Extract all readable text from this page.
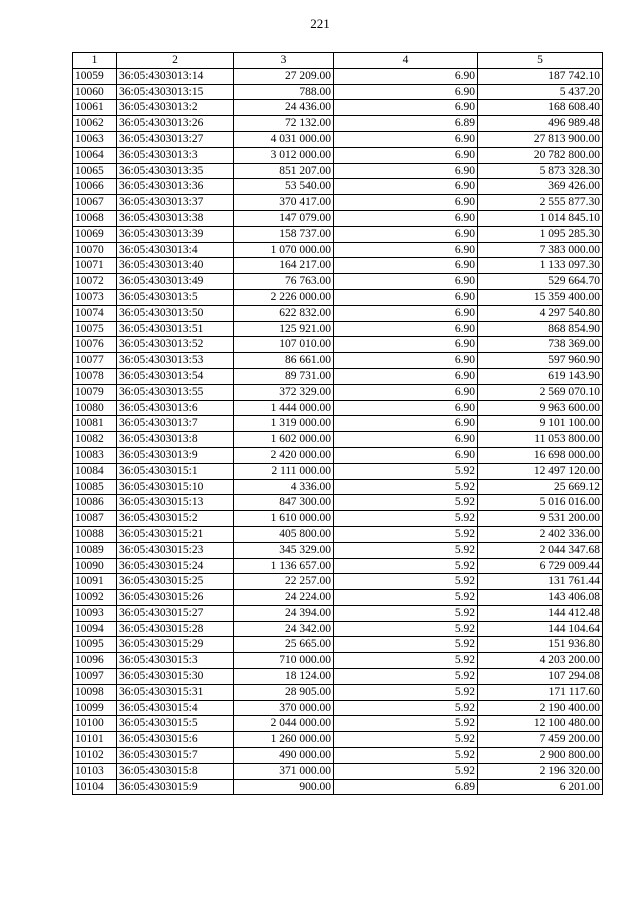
221
1	2	3	4	5
10059	36:05:4303013:14	27 209.00	6.90	187 742.10
10060	36:05:4303013:15	788.00	6.90	5 437.20
10061	36:05:4303013:2	24 436.00	6.90	168 608.40
10062	36:05:4303013:26	72 132.00	6.89	496 989.48
10063	36:05:4303013:27	4 031 000.00	6.90	27 813 900.00
10064	36:05:4303013:3	3 012 000.00	6.90	20 782 800.00
10065	36:05:4303013:35	851 207.00	6.90	5 873 328.30
10066	36:05:4303013:36	53 540.00	6.90	369 426.00
10067	36:05:4303013:37	370 417.00	6.90	2 555 877.30
10068	36:05:4303013:38	147 079.00	6.90	1 014 845.10
10069	36:05:4303013:39	158 737.00	6.90	1 095 285.30
10070	36:05:4303013:4	1 070 000.00	6.90	7 383 000.00
10071	36:05:4303013:40	164 217.00	6.90	1 133 097.30
10072	36:05:4303013:49	76 763.00	6.90	529 664.70
10073	36:05:4303013:5	2 226 000.00	6.90	15 359 400.00
10074	36:05:4303013:50	622 832.00	6.90	4 297 540.80
10075	36:05:4303013:51	125 921.00	6.90	868 854.90
10076	36:05:4303013:52	107 010.00	6.90	738 369.00
10077	36:05:4303013:53	86 661.00	6.90	597 960.90
10078	36:05:4303013:54	89 731.00	6.90	619 143.90
10079	36:05:4303013:55	372 329.00	6.90	2 569 070.10
10080	36:05:4303013:6	1 444 000.00	6.90	9 963 600.00
10081	36:05:4303013:7	1 319 000.00	6.90	9 101 100.00
10082	36:05:4303013:8	1 602 000.00	6.90	11 053 800.00
10083	36:05:4303013:9	2 420 000.00	6.90	16 698 000.00
10084	36:05:4303015:1	2 111 000.00	5.92	12 497 120.00
10085	36:05:4303015:10	4 336.00	5.92	25 669.12
10086	36:05:4303015:13	847 300.00	5.92	5 016 016.00
10087	36:05:4303015:2	1 610 000.00	5.92	9 531 200.00
10088	36:05:4303015:21	405 800.00	5.92	2 402 336.00
10089	36:05:4303015:23	345 329.00	5.92	2 044 347.68
10090	36:05:4303015:24	1 136 657.00	5.92	6 729 009.44
10091	36:05:4303015:25	22 257.00	5.92	131 761.44
10092	36:05:4303015:26	24 224.00	5.92	143 406.08
10093	36:05:4303015:27	24 394.00	5.92	144 412.48
10094	36:05:4303015:28	24 342.00	5.92	144 104.64
10095	36:05:4303015:29	25 665.00	5.92	151 936.80
10096	36:05:4303015:3	710 000.00	5.92	4 203 200.00
10097	36:05:4303015:30	18 124.00	5.92	107 294.08
10098	36:05:4303015:31	28 905.00	5.92	171 117.60
10099	36:05:4303015:4	370 000.00	5.92	2 190 400.00
10100	36:05:4303015:5	2 044 000.00	5.92	12 100 480.00
10101	36:05:4303015:6	1 260 000.00	5.92	7 459 200.00
10102	36:05:4303015:7	490 000.00	5.92	2 900 800.00
10103	36:05:4303015:8	371 000.00	5.92	2 196 320.00
10104	36:05:4303015:9	900.00	6.89	6 201.00
